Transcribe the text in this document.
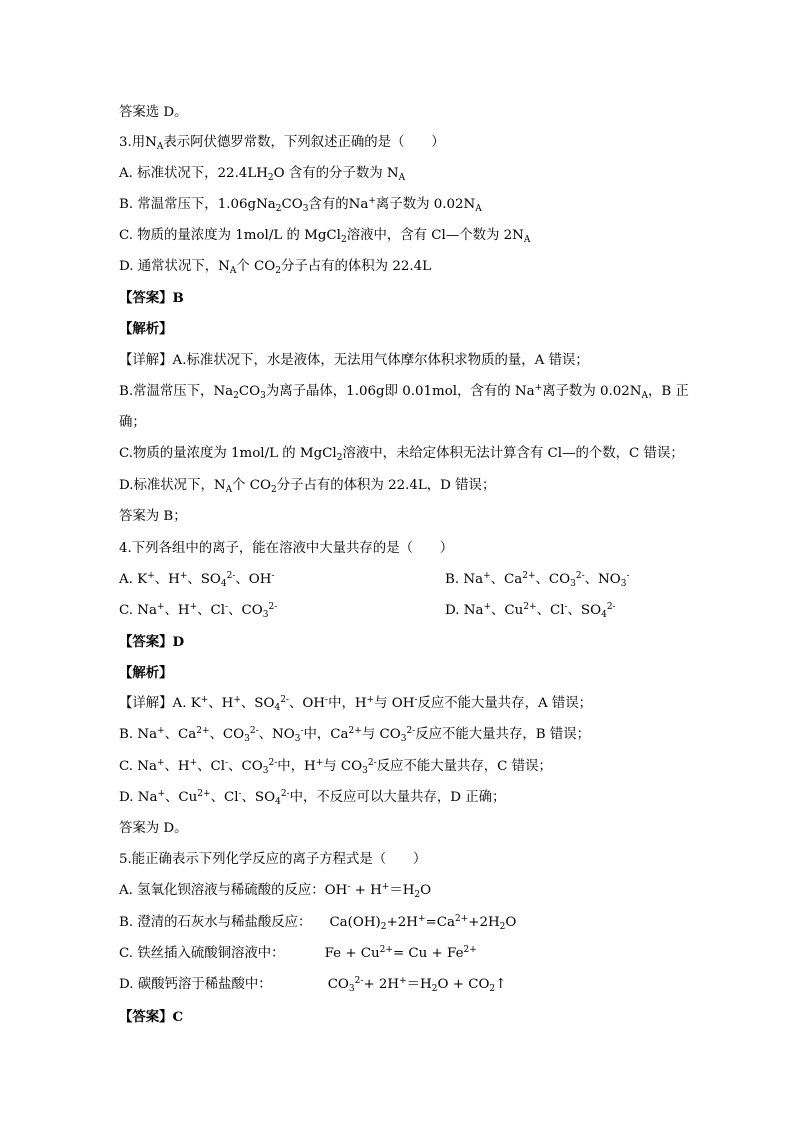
答案选 D。
3.用$N_A$表示阿伏德罗常数，下列叙述正确的是（　　）
A. 标准状况下，$22.4LH_2O$ 含有的分子数为 $N_A$
B. 常温常压下，$1.06gNa_2CO_3$含有的Na+离子数为 $0.02N_A$
C. 物质的量浓度为 1mol/L 的 MgCl$_2$溶液中，含有 Cl—个数为 $2N_A$
D. 通常状况下，$N_A$个 $CO_2$分子占有的体积为 22.4L
【答案】B
【解析】
【详解】A.标准状况下，水是液体，无法用气体摩尔体积求物质的量，A 错误；
B.常温常压下，$Na_2CO_3$为离子晶体，1.06g即 0.01mol，含有的 Na+离子数为 $0.02N_A$，B 正
确；
C.物质的量浓度为 1mol/L 的 MgCl$_2$溶液中，未给定体积无法计算含有 Cl—的个数，C 错误；
D.标准状况下，$N_A$个 $CO_2$分子占有的体积为 22.4L，D 错误；
答案为 B；
4.下列各组中的离子，能在溶液中大量共存的是（　　）
A. K+、H+、$SO_4^{2-}$、OH-	B. Na+、$Ca^{2+}$、$CO_3^{2-}$、$NO_3^-$
C. Na+、H+、Cl-、$CO_3^{2-}$	D. Na+、$Cu^{2+}$、Cl-、$SO_4^{2-}$
【答案】D
【解析】
【详解】A. K+、H+、$SO_4^{2-}$、OH-中，H+与 OH-反应不能大量共存，A 错误；
B. Na+、$Ca^{2+}$、$CO_3^{2-}$、$NO_3^-$中，$Ca^{2+}$与 $CO_3^{2-}$反应不能大量共存，B 错误；
C. Na+、H+、Cl-、$CO_3^{2-}$中，H+与 $CO_3^{2-}$反应不能大量共存，C 错误；
D. Na+、$Cu^{2+}$、Cl-、$SO_4^{2-}$中，不反应可以大量共存，D 正确；
答案为 D。
5.能正确表示下列化学反应的离子方程式是（　　）
A. 氢氧化钡溶液与稀硫酸的反应：$OH^- + H^+=H_2O$
B. 澄清的石灰水与稀盐酸反应： $Ca(OH)_2+2H^+=Ca^{2+}+2H_2O$
C. 铁丝插入硫酸铜溶液中：	$Fe + Cu^{2+}= Cu + Fe^{2+}$
D. 碳酸钙溶于稀盐酸中：	$CO_3^{2-}+ 2H^+=H_2O$ + $CO_2↑$
【答案】C
